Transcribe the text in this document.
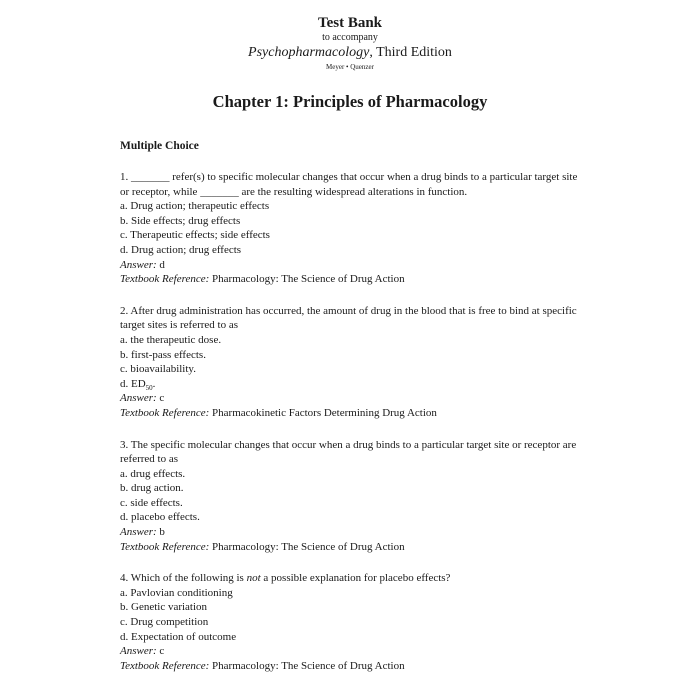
Test Bank
to accompany
Psychopharmacology, Third Edition
Meyer • Quenzer
Chapter 1: Principles of Pharmacology
Multiple Choice
1. _______ refer(s) to specific molecular changes that occur when a drug binds to a particular target site or receptor, while _______ are the resulting widespread alterations in function.
a. Drug action; therapeutic effects
b. Side effects; drug effects
c. Therapeutic effects; side effects
d. Drug action; drug effects
Answer: d
Textbook Reference: Pharmacology: The Science of Drug Action
2. After drug administration has occurred, the amount of drug in the blood that is free to bind at specific target sites is referred to as
a. the therapeutic dose.
b. first-pass effects.
c. bioavailability.
d. $ED_{50}$.
Answer: c
Textbook Reference: Pharmacokinetic Factors Determining Drug Action
3. The specific molecular changes that occur when a drug binds to a particular target site or receptor are referred to as
a. drug effects.
b. drug action.
c. side effects.
d. placebo effects.
Answer: b
Textbook Reference: Pharmacology: The Science of Drug Action
4. Which of the following is not a possible explanation for placebo effects?
a. Pavlovian conditioning
b. Genetic variation
c. Drug competition
d. Expectation of outcome
Answer: c
Textbook Reference: Pharmacology: The Science of Drug Action
